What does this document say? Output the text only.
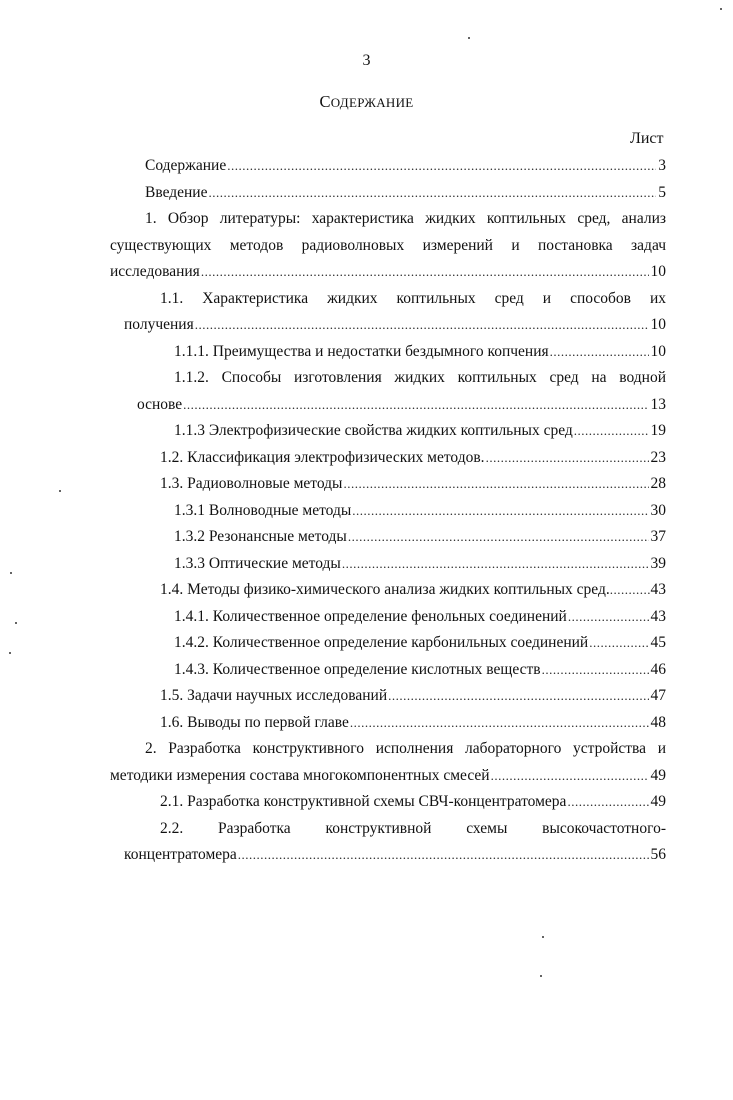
3
СОДЕРЖАНИЕ
Лист
Содержание .....	3
Введение .....	5
1. Обзор литературы: характеристика жидких коптильных сред, анализ
существующих методов радиоволновых измерений и постановка задач
исследования .....	10
1.1. Характеристика жидких коптильных сред и способов их
получения .....	10
1.1.1. Преимущества и недостатки бездымного копчения .....	10
1.1.2. Способы изготовления жидких коптильных сред на водной
основе .....	13
1.1.3 Электрофизические свойства жидких коптильных сред .....	19
1.2. Классификация электрофизических методов. .....	23
1.3. Радиоволновые методы .....	28
1.3.1 Волноводные методы .....	30
1.3.2 Резонансные методы .....	37
1.3.3 Оптические методы .....	39
1.4. Методы физико-химического анализа жидких коптильных сред. .....	43
1.4.1. Количественное определение фенольных соединений .....	43
1.4.2. Количественное определение карбонильных соединений .....	45
1.4.3. Количественное определение кислотных веществ .....	46
1.5. Задачи научных исследований .....	47
1.6. Выводы по первой главе .....	48
2. Разработка конструктивного исполнения лабораторного устройства и
методики измерения состава многокомпонентных смесей .....	49
2.1. Разработка конструктивной схемы СВЧ-концентратомера .....	49
2.2. Разработка конструктивной схемы высокочастотного-
концентратомера .....	56
